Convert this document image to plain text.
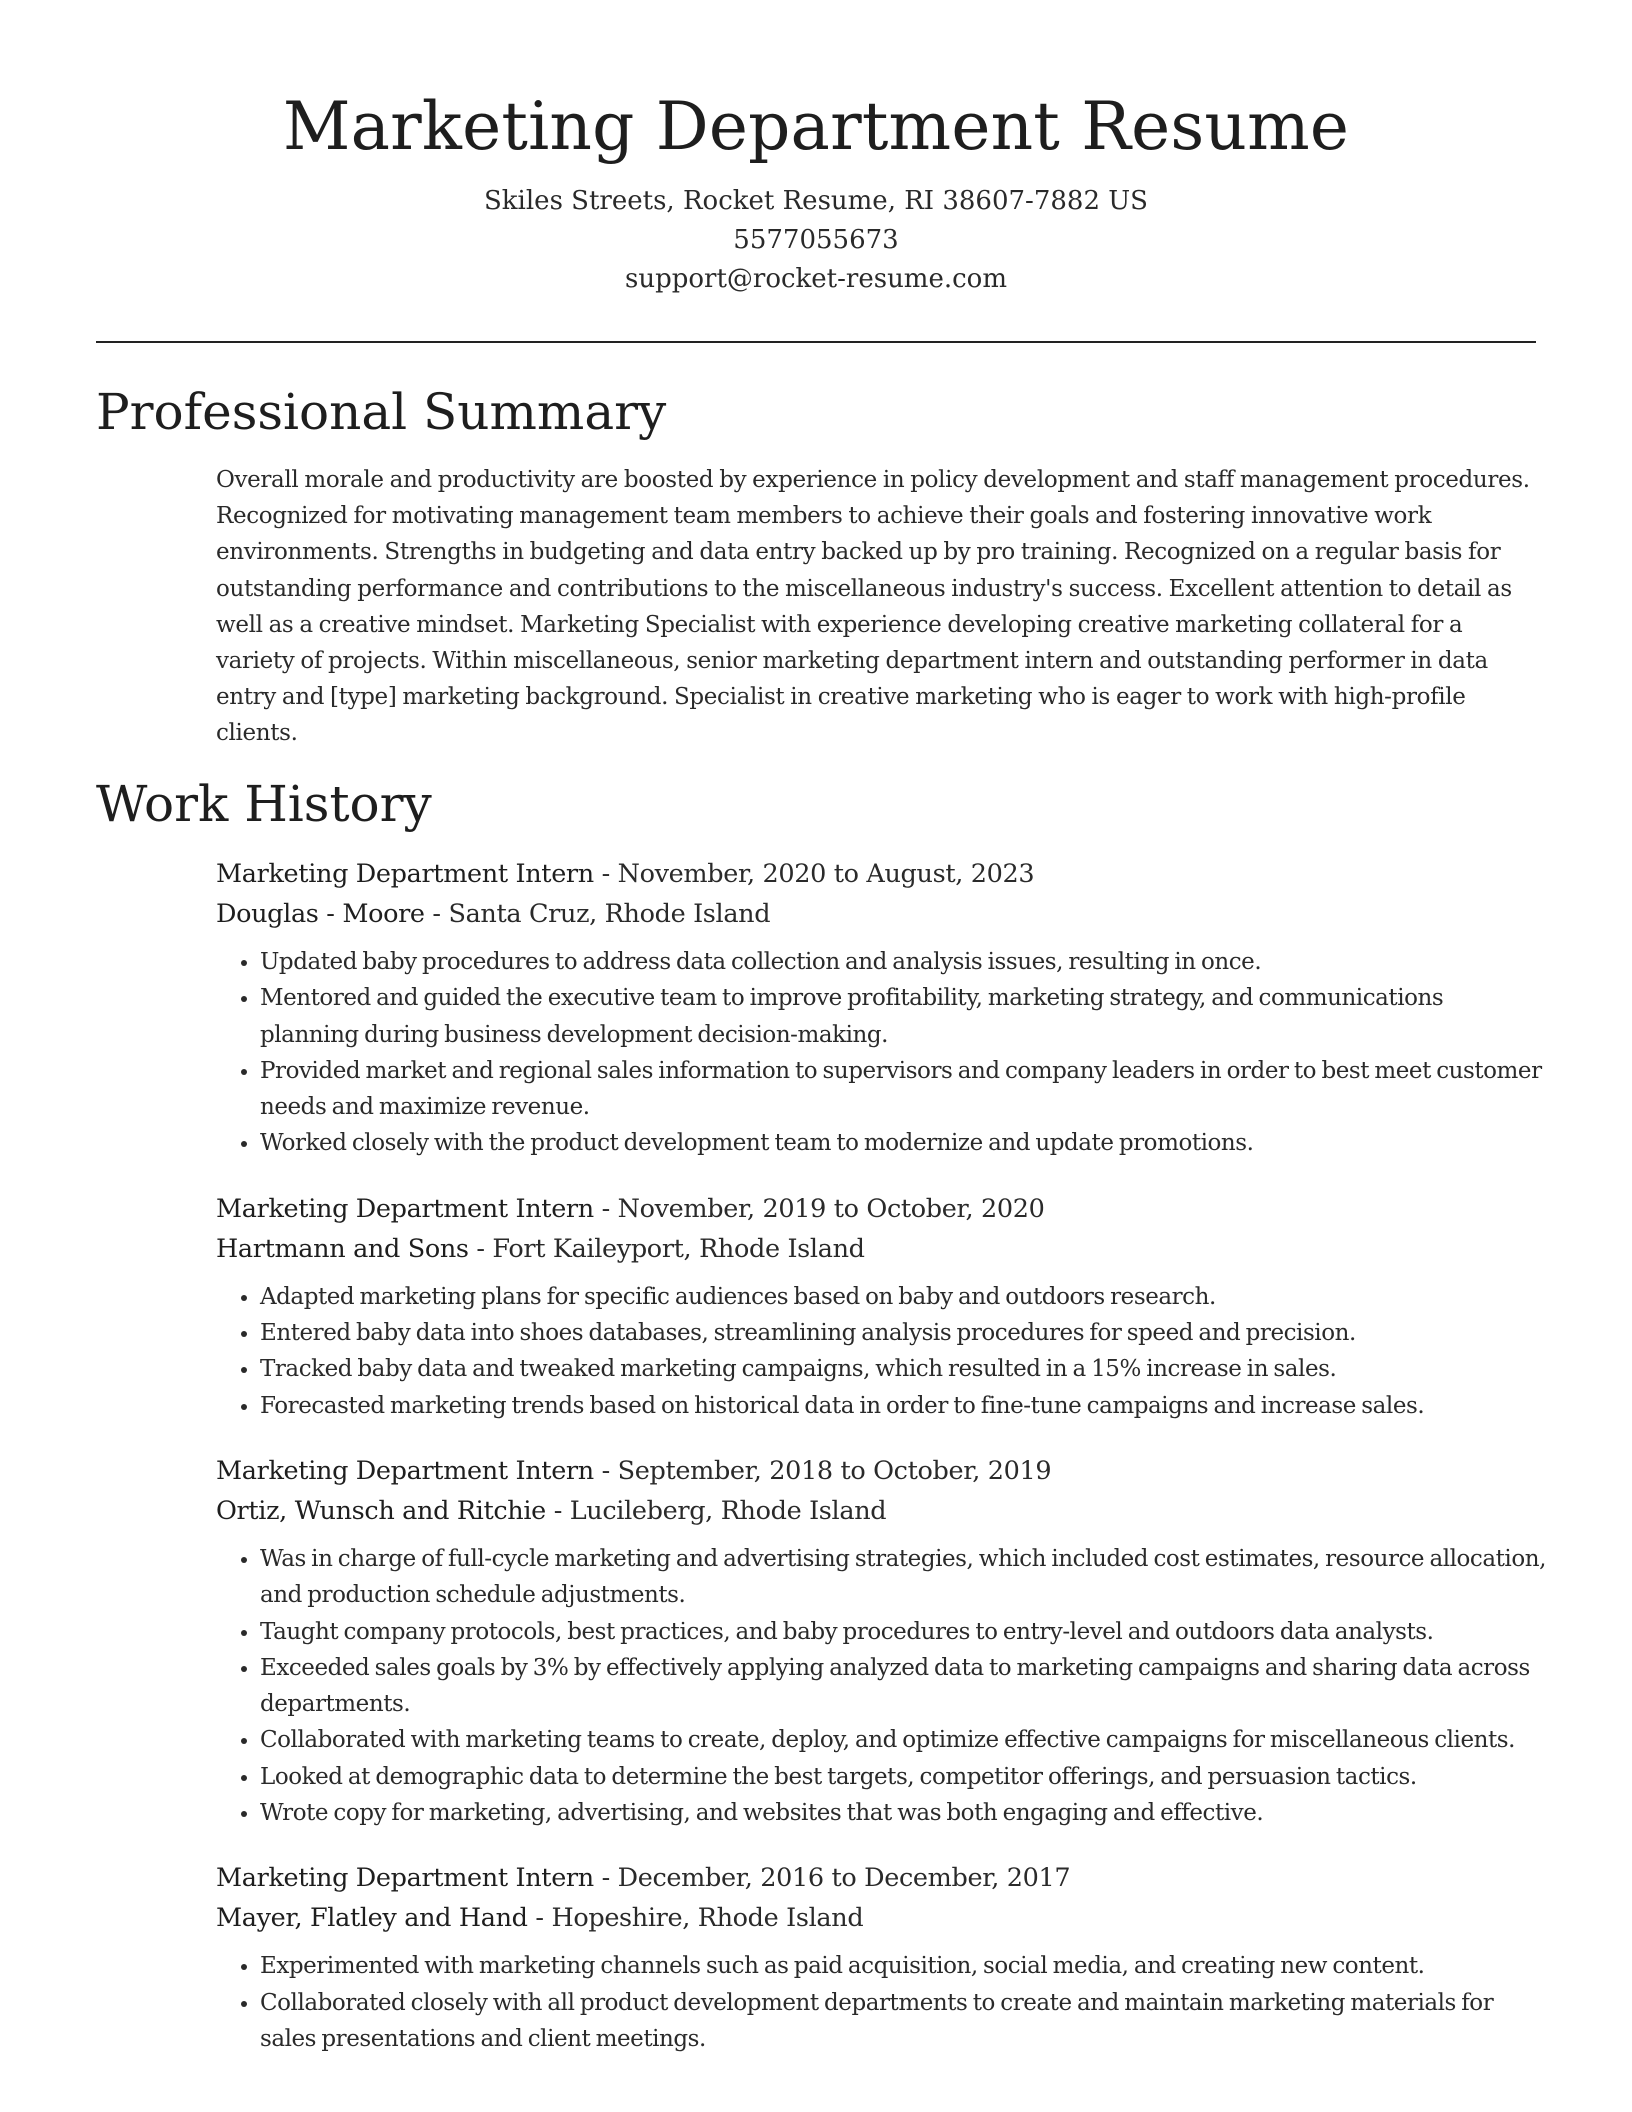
Marketing Department Resume
Skiles Streets, Rocket Resume, RI 38607-7882 US
5577055673
support@rocket-resume.com
Professional Summary
Overall morale and productivity are boosted by experience in policy development and staff management procedures. Recognized for motivating management team members to achieve their goals and fostering innovative work environments. Strengths in budgeting and data entry backed up by pro training. Recognized on a regular basis for outstanding performance and contributions to the miscellaneous industry's success. Excellent attention to detail as well as a creative mindset. Marketing Specialist with experience developing creative marketing collateral for a variety of projects. Within miscellaneous, senior marketing department intern and outstanding performer in data entry and [type] marketing background. Specialist in creative marketing who is eager to work with high-profile clients.
Work History
Marketing Department Intern - November, 2020 to August, 2023
Douglas - Moore - Santa Cruz, Rhode Island
• Updated baby procedures to address data collection and analysis issues, resulting in once.
• Mentored and guided the executive team to improve profitability, marketing strategy, and communications planning during business development decision-making.
• Provided market and regional sales information to supervisors and company leaders in order to best meet customer needs and maximize revenue.
• Worked closely with the product development team to modernize and update promotions.
Marketing Department Intern - November, 2019 to October, 2020
Hartmann and Sons - Fort Kaileyport, Rhode Island
• Adapted marketing plans for specific audiences based on baby and outdoors research.
• Entered baby data into shoes databases, streamlining analysis procedures for speed and precision.
• Tracked baby data and tweaked marketing campaigns, which resulted in a 15% increase in sales.
• Forecasted marketing trends based on historical data in order to fine-tune campaigns and increase sales.
Marketing Department Intern - September, 2018 to October, 2019
Ortiz, Wunsch and Ritchie - Lucileberg, Rhode Island
• Was in charge of full-cycle marketing and advertising strategies, which included cost estimates, resource allocation, and production schedule adjustments.
• Taught company protocols, best practices, and baby procedures to entry-level and outdoors data analysts.
• Exceeded sales goals by 3% by effectively applying analyzed data to marketing campaigns and sharing data across departments.
• Collaborated with marketing teams to create, deploy, and optimize effective campaigns for miscellaneous clients.
• Looked at demographic data to determine the best targets, competitor offerings, and persuasion tactics.
• Wrote copy for marketing, advertising, and websites that was both engaging and effective.
Marketing Department Intern - December, 2016 to December, 2017
Mayer, Flatley and Hand - Hopeshire, Rhode Island
• Experimented with marketing channels such as paid acquisition, social media, and creating new content.
• Collaborated closely with all product development departments to create and maintain marketing materials for sales presentations and client meetings.
